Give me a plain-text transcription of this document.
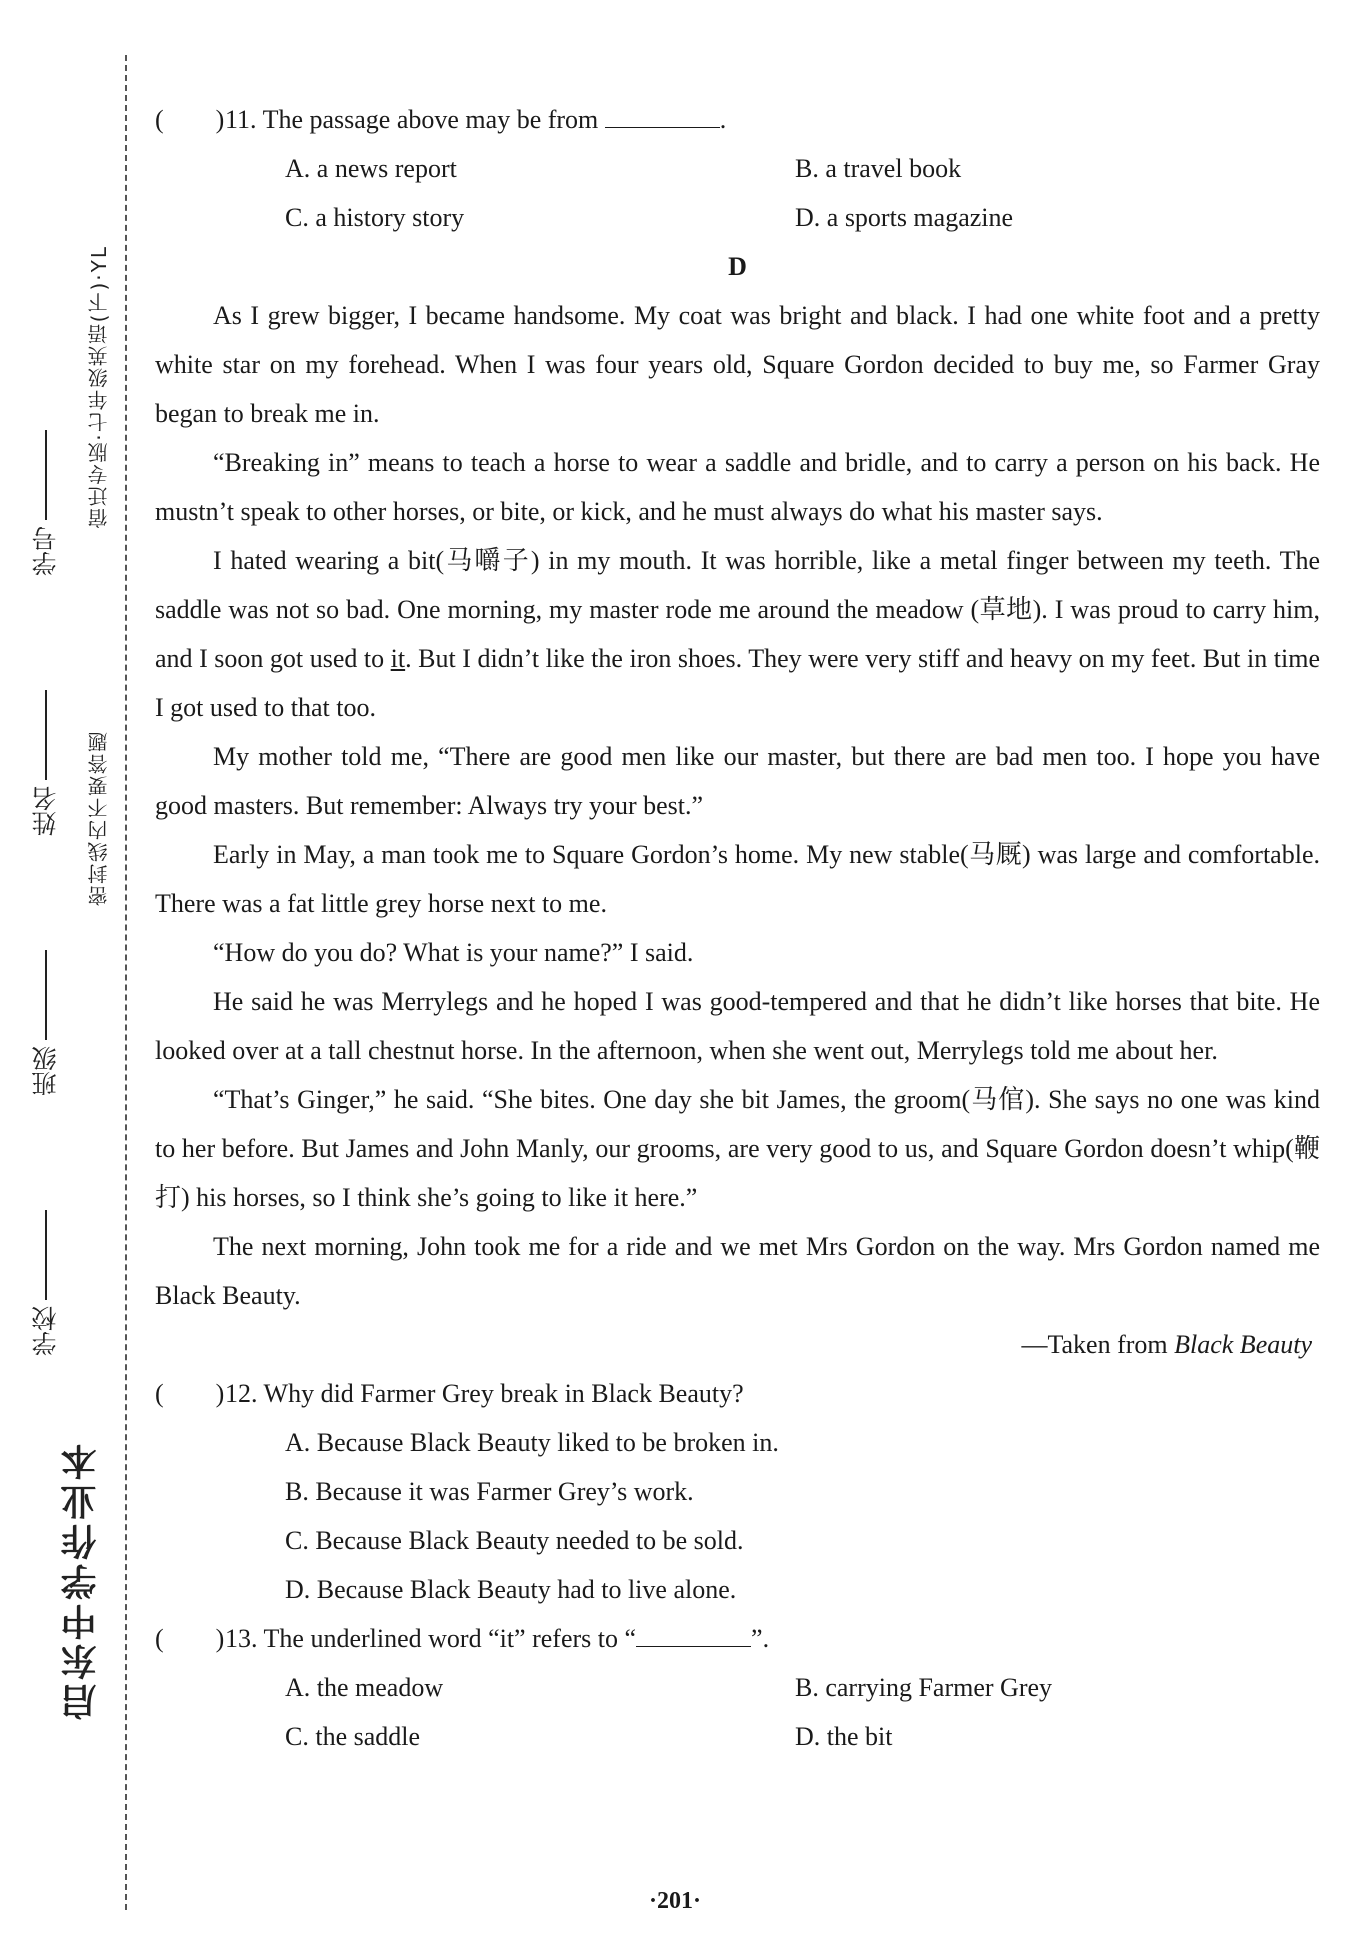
启东中学作业本
学校
班级
姓名
学号
密封线内不要答题
宿迁专版·七年级英语(下)·YL
(　　)11. The passage above may be from	.
A. a news report	B. a travel book
C. a history story	D. a sports magazine

D

As I grew bigger, I became handsome. My coat was bright and black. I had one white foot and a pretty white star on my forehead. When I was four years old, Square Gordon decided to buy me, so Farmer Gray began to break me in.

“Breaking in” means to teach a horse to wear a saddle and bridle, and to carry a person on his back. He mustn’t speak to other horses, or bite, or kick, and he must always do what his master says.

I hated wearing a bit(马嚼子) in my mouth. It was horrible, like a metal finger between my teeth. The saddle was not so bad. One morning, my master rode me around the meadow (草地). I was proud to carry him, and I soon got used to it. But I didn’t like the iron shoes. They were very stiff and heavy on my feet. But in time I got used to that too.

My mother told me, “There are good men like our master, but there are bad men too. I hope you have good masters. But remember: Always try your best.”

Early in May, a man took me to Square Gordon’s home. My new stable(马厩) was large and comfortable. There was a fat little grey horse next to me.

“How do you do? What is your name?” I said.

He said he was Merrylegs and he hoped I was good-tempered and that he didn’t like horses that bite. He looked over at a tall chestnut horse. In the afternoon, when she went out, Merrylegs told me about her.

“That’s Ginger,” he said. “She bites. One day she bit James, the groom(马倌). She says no one was kind to her before. But James and John Manly, our grooms, are very good to us, and Square Gordon doesn’t whip(鞭打) his horses, so I think she’s going to like it here.”

The next morning, John took me for a ride and we met Mrs Gordon on the way. Mrs Gordon named me Black Beauty.

—Taken from Black Beauty

(　　)12. Why did Farmer Grey break in Black Beauty?
A. Because Black Beauty liked to be broken in.
B. Because it was Farmer Grey’s work.
C. Because Black Beauty needed to be sold.
D. Because Black Beauty had to live alone.
(　　)13. The underlined word “it” refers to “	”.
A. the meadow	B. carrying Farmer Grey
C. the saddle	D. the bit
·201·
